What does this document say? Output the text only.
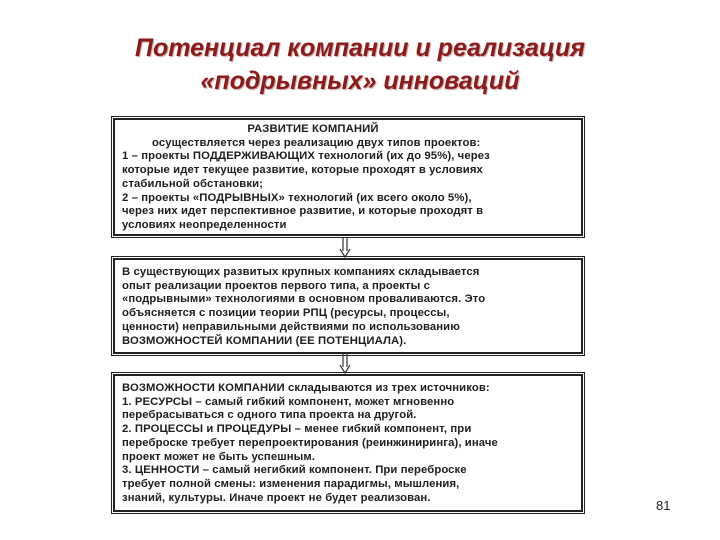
Потенциал компании и реализация
«подрывных» инноваций
РАЗВИТИЕ КОМПАНИЙ
осуществляется через реализацию двух типов проектов:
1 – проекты ПОДДЕРЖИВАЮЩИХ технологий (их до 95%), через
которые идет текущее развитие, которые проходят в условиях
стабильной обстановки;
2 – проекты «ПОДРЫВНЫХ» технологий (их всего около 5%),
через них идет перспективное развитие, и которые проходят в
условиях неопределенности
В существующих развитых крупных компаниях складывается
опыт реализации проектов первого типа, а проекты с
«подрывными» технологиями в основном проваливаются. Это
объясняется с позиции теории РПЦ (ресурсы, процессы,
ценности) неправильными действиями по использованию
ВОЗМОЖНОСТЕЙ КОМПАНИИ (ЕЕ ПОТЕНЦИАЛА).
ВОЗМОЖНОСТИ КОМПАНИИ складываются из трех источников:
1. РЕСУРСЫ – самый гибкий компонент, может мгновенно
перебрасываться с одного типа проекта на другой.
2. ПРОЦЕССЫ и ПРОЦЕДУРЫ – менее гибкий компонент, при
переброске требует перепроектирования (реинжиниринга), иначе
проект может не быть успешным.
3. ЦЕННОСТИ – самый негибкий компонент. При переброске
требует полной смены: изменения парадигмы, мышления,
знаний, культуры. Иначе проект не будет реализован.
81
